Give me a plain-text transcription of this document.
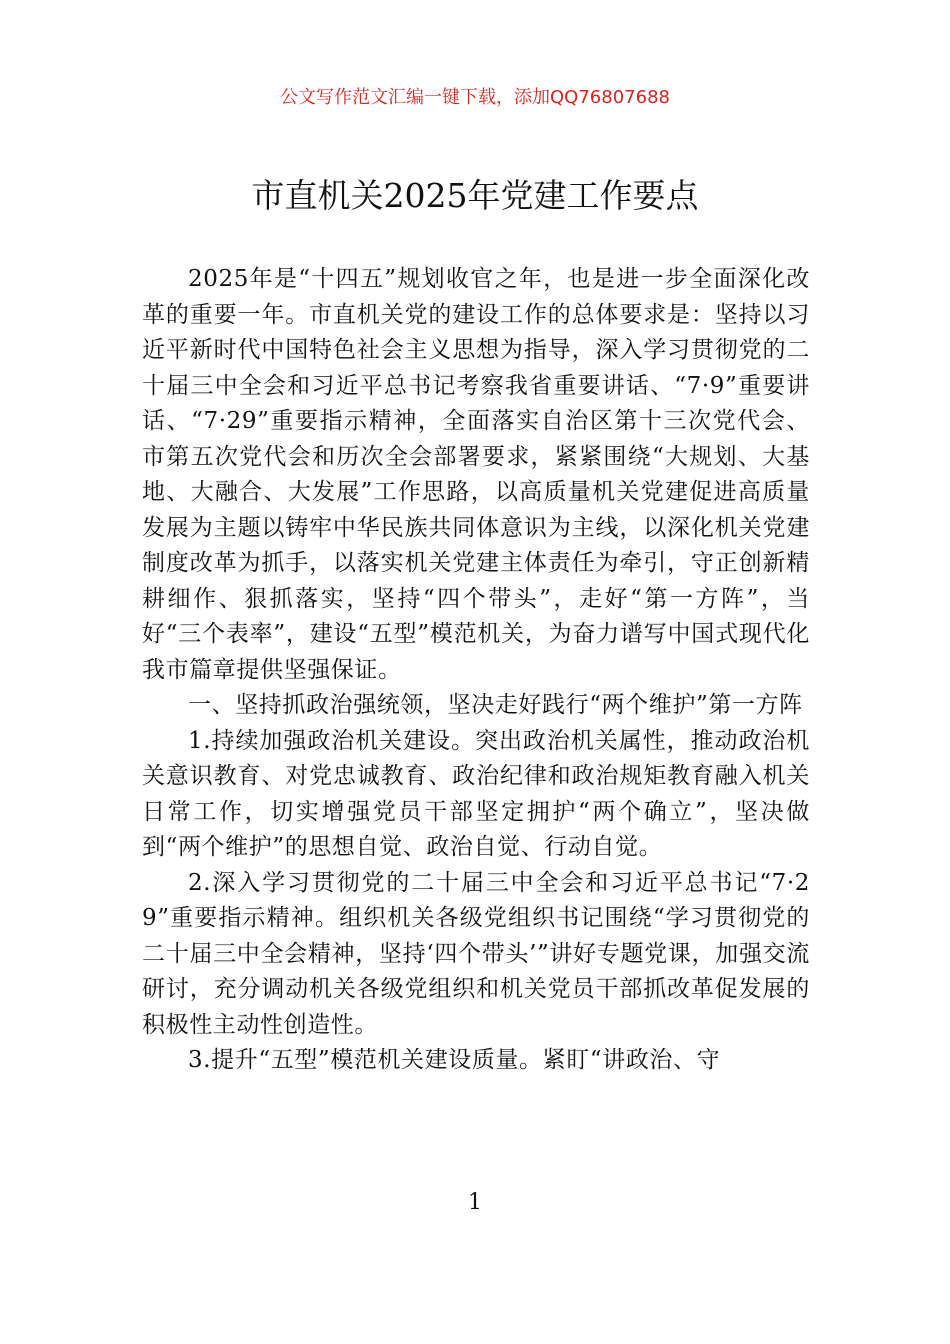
公文写作范文汇编一键下载，添加QQ76807688
市直机关2025年党建工作要点

2025年是“十四五”规划收官之年，也是进一步全面深化改革的重要一年。市直机关党的建设工作的总体要求是：坚持以习近平新时代中国特色社会主义思想为指导，深入学习贯彻党的二十届三中全会和习近平总书记考察我省重要讲话、“7·9”重要讲话、“7·29”重要指示精神，全面落实自治区第十三次党代会、市第五次党代会和历次全会部署要求，紧紧围绕“大规划、大基地、大融合、大发展”工作思路，以高质量机关党建促进高质量发展为主题以铸牢中华民族共同体意识为主线，以深化机关党建制度改革为抓手，以落实机关党建主体责任为牵引，守正创新精耕细作、狠抓落实，坚持“四个带头”，走好“第一方阵”，当好“三个表率”，建设“五型”模范机关，为奋力谱写中国式现代化我市篇章提供坚强保证。

一、坚持抓政治强统领，坚决走好践行“两个维护”第一方阵

1.持续加强政治机关建设。突出政治机关属性，推动政治机关意识教育、对党忠诚教育、政治纪律和政治规矩教育融入机关日常工作，切实增强党员干部坚定拥护“两个确立”，坚决做到“两个维护”的思想自觉、政治自觉、行动自觉。

2.深入学习贯彻党的二十届三中全会和习近平总书记“7·29”重要指示精神。组织机关各级党组织书记围绕“学习贯彻党的二十届三中全会精神，坚持‘四个带头’”讲好专题党课，加强交流研讨，充分调动机关各级党组织和机关党员干部抓改革促发展的积极性主动性创造性。

3.提升“五型”模范机关建设质量。紧盯“讲政治、守

1
